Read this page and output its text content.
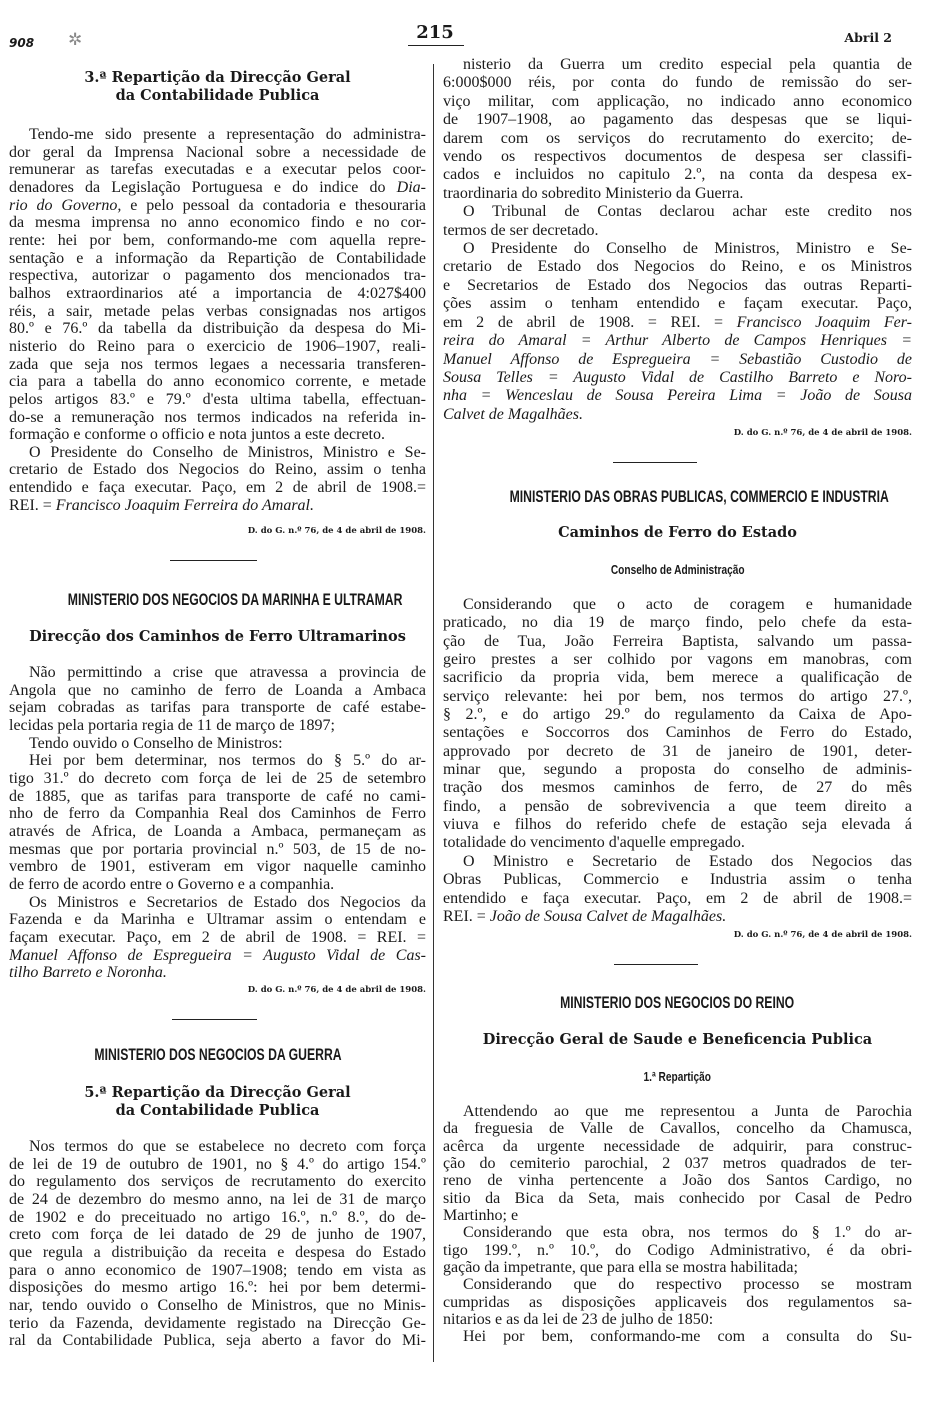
908 ✲	215	Abril 2
3.ª Repartição da Direcção Geral
da Contabilidade Publica
Tendo-me sido presente a representação do administra-
dor geral da Imprensa Nacional sobre a necessidade de
remunerar as tarefas executadas e a executar pelos coor-
denadores da Legislação Portuguesa e do indice do Dia-
rio do Governo, e pelo pessoal da contadoria e thesouraria
da mesma imprensa no anno economico findo e no cor-
rente: hei por bem, conformando-me com aquella repre-
sentação e a informação da Repartição de Contabilidade
respectiva, autorizar o pagamento dos mencionados tra-
balhos extraordinarios até a importancia de 4:027$400
réis, a sair, metade pelas verbas consignadas nos artigos
80.º e 76.º da tabella da distribuição da despesa do Mi-
nisterio do Reino para o exercicio de 1906–1907, reali-
zada que seja nos termos legaes a necessaria transferen-
cia para a tabella do anno economico corrente, e metade
pelos artigos 83.º e 79.º d'esta ultima tabella, effectuan-
do-se a remuneração nos termos indicados na referida in-
formação e conforme o officio e nota juntos a este decreto.
O Presidente do Conselho de Ministros, Ministro e Se-
cretario de Estado dos Negocios do Reino, assim o tenha
entendido e faça executar. Paço, em 2 de abril de 1908.=
REI. = Francisco Joaquim Ferreira do Amaral.
D. do G. n.º 76, de 4 de abril de 1908.
MINISTERIO DOS NEGOCIOS DA MARINHA E ULTRAMAR
Direcção dos Caminhos de Ferro Ultramarinos
Não permittindo a crise que atravessa a provincia de
Angola que no caminho de ferro de Loanda a Ambaca
sejam cobradas as tarifas para transporte de café estabe-
lecidas pela portaria regia de 11 de março de 1897;
Tendo ouvido o Conselho de Ministros:
Hei por bem determinar, nos termos do § 5.º do ar-
tigo 31.º do decreto com força de lei de 25 de setembro
de 1885, que as tarifas para transporte de café no cami-
nho de ferro da Companhia Real dos Caminhos de Ferro
através de Africa, de Loanda a Ambaca, permaneçam as
mesmas que por portaria provincial n.º 503, de 15 de no-
vembro de 1901, estiveram em vigor naquelle caminho
de ferro de acordo entre o Governo e a companhia.
Os Ministros e Secretarios de Estado dos Negocios da
Fazenda e da Marinha e Ultramar assim o entendam e
façam executar. Paço, em 2 de abril de 1908. = REI. =
Manuel Affonso de Espregueira = Augusto Vidal de Cas-
tilho Barreto e Noronha.
D. do G. n.º 76, de 4 de abril de 1908.
MINISTERIO DOS NEGOCIOS DA GUERRA
5.ª Repartição da Direcção Geral
da Contabilidade Publica
Nos termos do que se estabelece no decreto com força
de lei de 19 de outubro de 1901, no § 4.º do artigo 154.º
do regulamento dos serviços de recrutamento do exercito
de 24 de dezembro do mesmo anno, na lei de 31 de março
de 1902 e do preceituado no artigo 16.º, n.º 8.º, do de-
creto com força de lei datado de 29 de junho de 1907,
que regula a distribuição da receita e despesa do Estado
para o anno economico de 1907–1908; tendo em vista as
disposições do mesmo artigo 16.º: hei por bem determi-
nar, tendo ouvido o Conselho de Ministros, que no Minis-
terio da Fazenda, devidamente registado na Direcção Ge-
ral da Contabilidade Publica, seja aberto a favor do Mi-
nisterio da Guerra um credito especial pela quantia de
6:000$000 réis, por conta do fundo de remissão do ser-
viço militar, com applicação, no indicado anno economico
de 1907–1908, ao pagamento das despesas que se liqui-
darem com os serviços do recrutamento do exercito; de-
vendo os respectivos documentos de despesa ser classifi-
cados e incluidos no capitulo 2.º, na conta da despesa ex-
traordinaria do sobredito Ministerio da Guerra.
O Tribunal de Contas declarou achar este credito nos
termos de ser decretado.
O Presidente do Conselho de Ministros, Ministro e Se-
cretario de Estado dos Negocios do Reino, e os Ministros
e Secretarios de Estado dos Negocios das outras Reparti-
ções assim o tenham entendido e façam executar. Paço,
em 2 de abril de 1908. = REI. = Francisco Joaquim Fer-
reira do Amaral = Arthur Alberto de Campos Henriques =
Manuel Affonso de Espregueira = Sebastião Custodio de
Sousa Telles = Augusto Vidal de Castilho Barreto e Noro-
nha = Wenceslau de Sousa Pereira Lima = João de Sousa
Calvet de Magalhães.
D. do G. n.º 76, de 4 de abril de 1908.
MINISTERIO DAS OBRAS PUBLICAS, COMMERCIO E INDUSTRIA
Caminhos de Ferro do Estado
Conselho de Administração
Considerando que o acto de coragem e humanidade
praticado, no dia 19 de março findo, pelo chefe da esta-
ção de Tua, João Ferreira Baptista, salvando um passa-
geiro prestes a ser colhido por vagons em manobras, com
sacrificio da propria vida, bem merece a qualificação de
serviço relevante: hei por bem, nos termos do artigo 27.º,
§ 2.º, e do artigo 29.º do regulamento da Caixa de Apo-
sentações e Soccorros dos Caminhos de Ferro do Estado,
approvado por decreto de 31 de janeiro de 1901, deter-
minar que, segundo a proposta do conselho de adminis-
tração dos mesmos caminhos de ferro, de 27 do mês
findo, a pensão de sobrevivencia a que teem direito a
viuva e filhos do referido chefe de estação seja elevada á
totalidade do vencimento d'aquelle empregado.
O Ministro e Secretario de Estado dos Negocios das
Obras Publicas, Commercio e Industria assim o tenha
entendido e faça executar. Paço, em 2 de abril de 1908.=
REI. = João de Sousa Calvet de Magalhães.
D. do G. n.º 76, de 4 de abril de 1908.
MINISTERIO DOS NEGOCIOS DO REINO
Direcção Geral de Saude e Beneficencia Publica
1.ª Repartição
Attendendo ao que me representou a Junta de Parochia
da freguesia de Valle de Cavallos, concelho da Chamusca,
acêrca da urgente necessidade de adquirir, para construc-
ção do cemiterio parochial, 2 037 metros quadrados de ter-
reno de vinha pertencente a João dos Santos Cardigo, no
sitio da Bica da Seta, mais conhecido por Casal de Pedro
Martinho; e
Considerando que esta obra, nos termos do § 1.º do ar-
tigo 199.º, n.º 10.º, do Codigo Administrativo, é da obri-
gação da impetrante, que para ella se mostra habilitada;
Considerando que do respectivo processo se mostram
cumpridas as disposições applicaveis dos regulamentos sa-
nitarios e as da lei de 23 de julho de 1850:
Hei por bem, conformando-me com a consulta do Su-
